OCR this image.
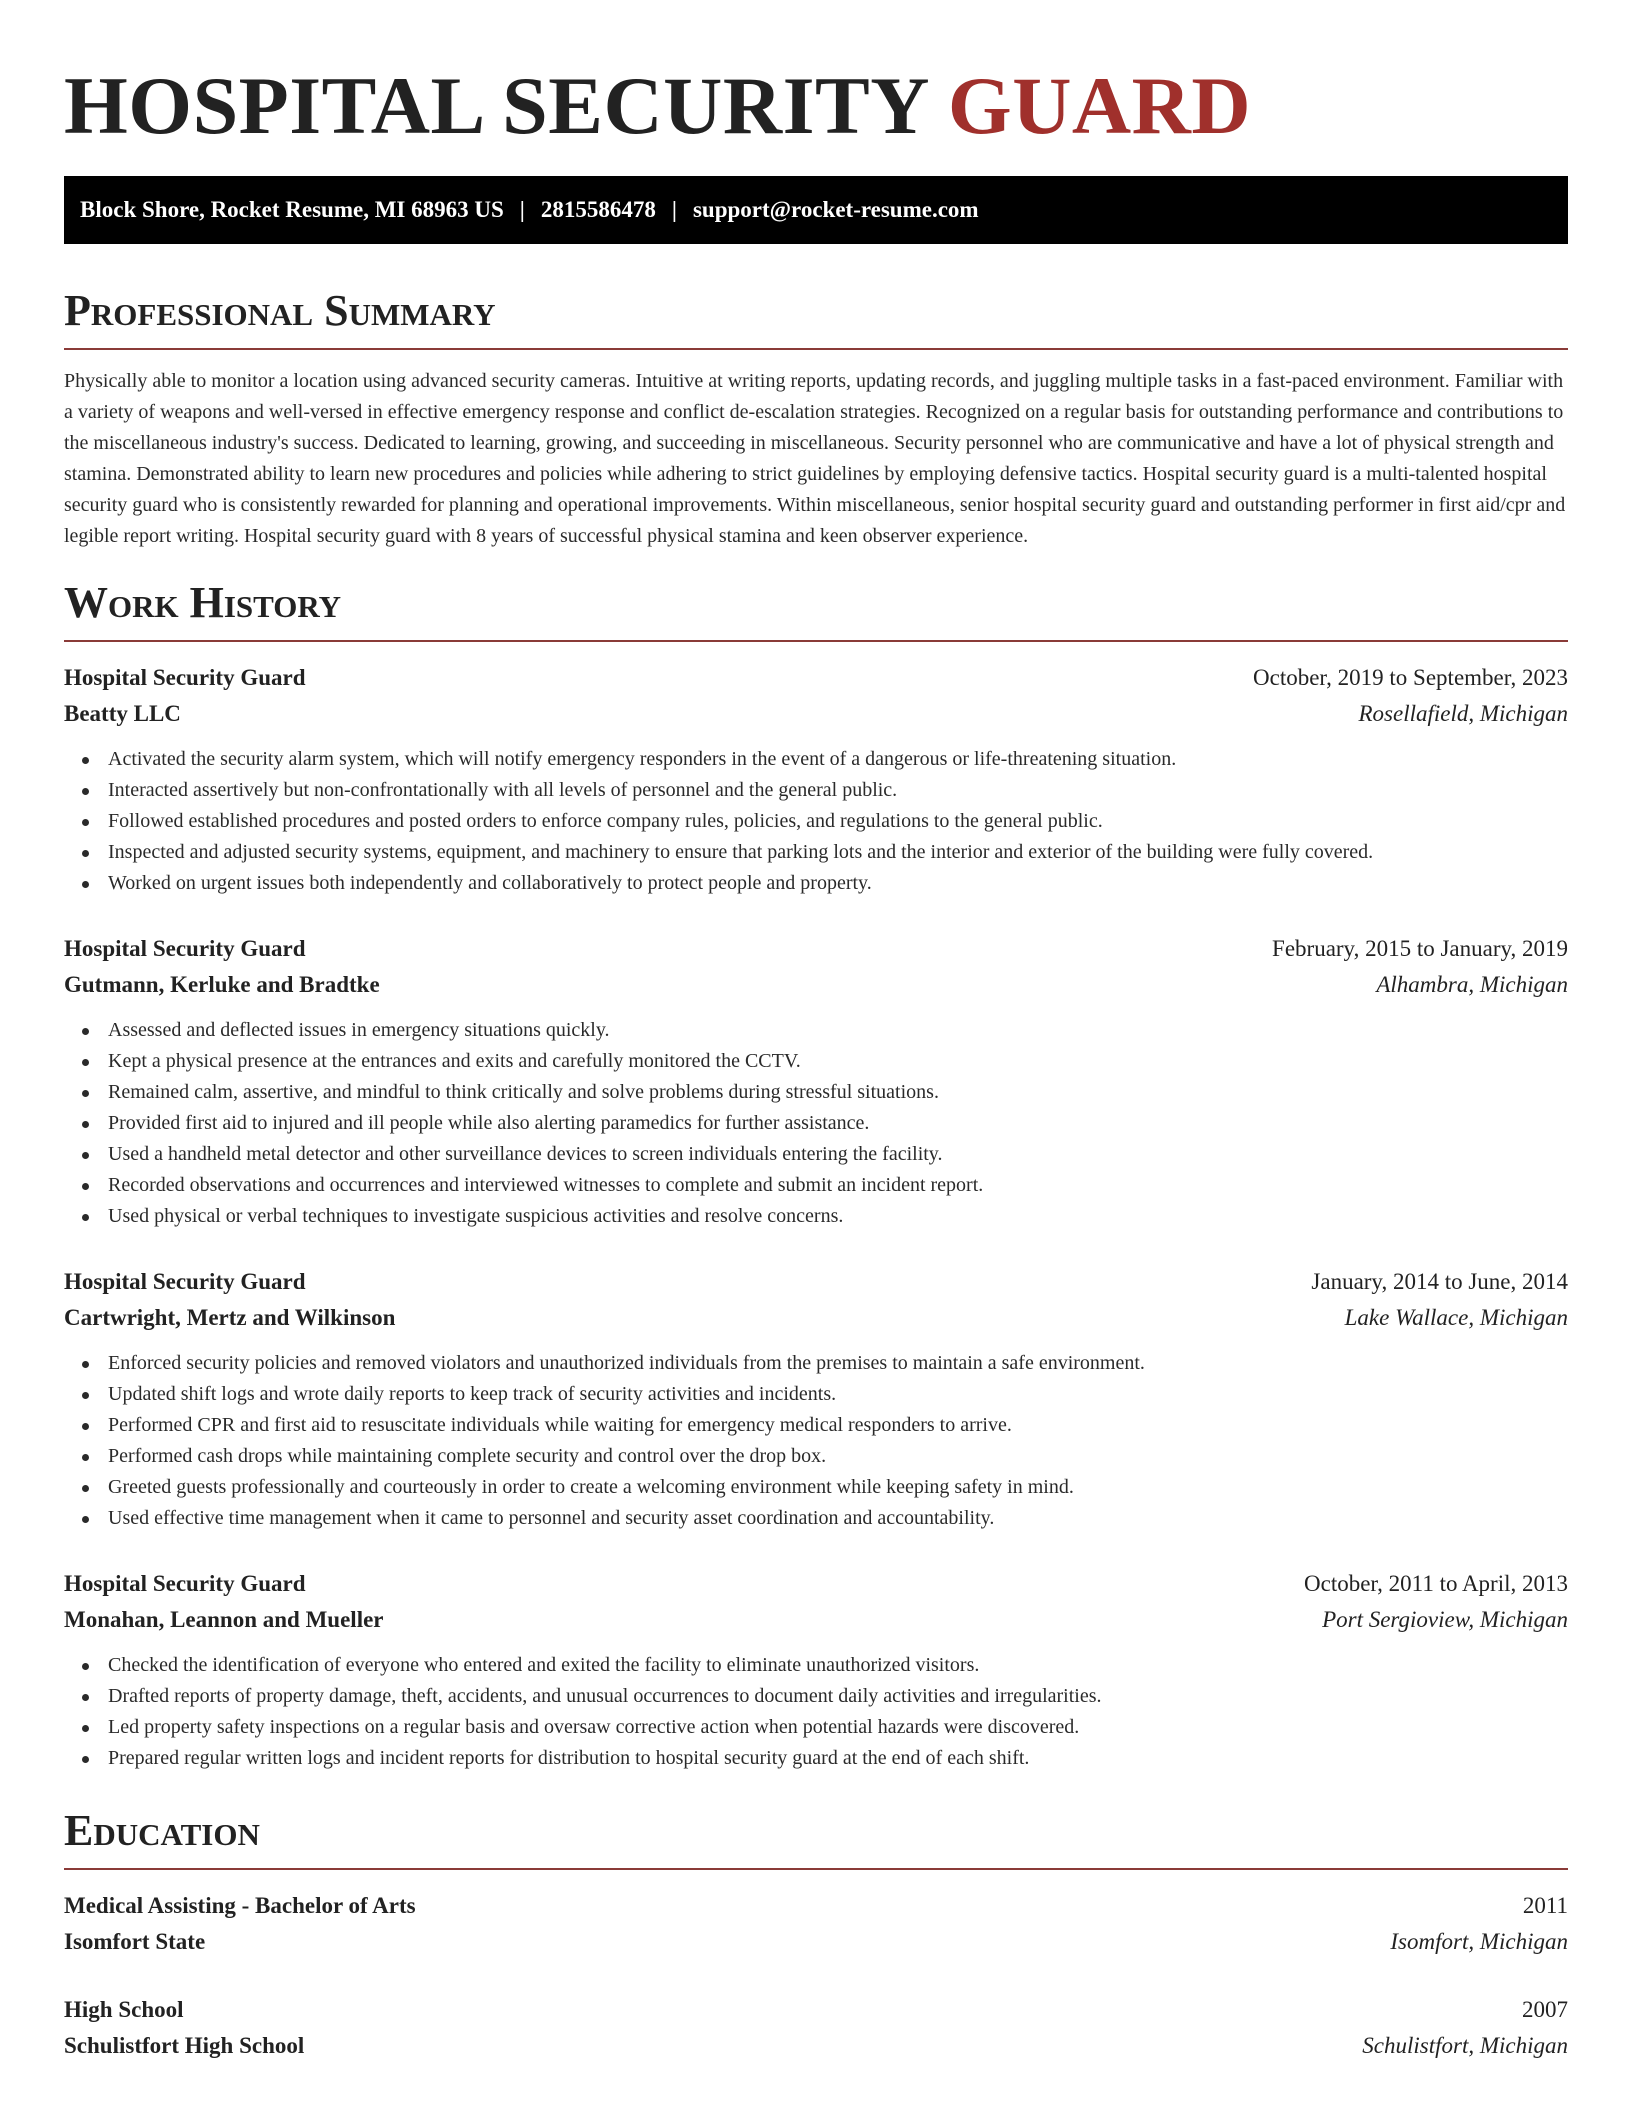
HOSPITAL SECURITY GUARD
Block Shore, Rocket Resume, MI 68963 US | 2815586478 | support@rocket-resume.com
Professional Summary

Physically able to monitor a location using advanced security cameras. Intuitive at writing reports, updating records, and juggling multiple tasks in a fast-paced environment. Familiar with a variety of weapons and well-versed in effective emergency response and conflict de-escalation strategies. Recognized on a regular basis for outstanding performance and contributions to the miscellaneous industry's success. Dedicated to learning, growing, and succeeding in miscellaneous. Security personnel who are communicative and have a lot of physical strength and stamina. Demonstrated ability to learn new procedures and policies while adhering to strict guidelines by employing defensive tactics. Hospital security guard is a multi-talented hospital security guard who is consistently rewarded for planning and operational improvements. Within miscellaneous, senior hospital security guard and outstanding performer in first aid/cpr and legible report writing. Hospital security guard with 8 years of successful physical stamina and keen observer experience.

Work History
Hospital Security Guard	October, 2019 to September, 2023
Beatty LLC	Rosellafield, Michigan
Activated the security alarm system, which will notify emergency responders in the event of a dangerous or life-threatening situation.
Interacted assertively but non-confrontationally with all levels of personnel and the general public.
Followed established procedures and posted orders to enforce company rules, policies, and regulations to the general public.
Inspected and adjusted security systems, equipment, and machinery to ensure that parking lots and the interior and exterior of the building were fully covered.
Worked on urgent issues both independently and collaboratively to protect people and property.
Hospital Security Guard	February, 2015 to January, 2019
Gutmann, Kerluke and Bradtke	Alhambra, Michigan
Assessed and deflected issues in emergency situations quickly.
Kept a physical presence at the entrances and exits and carefully monitored the CCTV.
Remained calm, assertive, and mindful to think critically and solve problems during stressful situations.
Provided first aid to injured and ill people while also alerting paramedics for further assistance.
Used a handheld metal detector and other surveillance devices to screen individuals entering the facility.
Recorded observations and occurrences and interviewed witnesses to complete and submit an incident report.
Used physical or verbal techniques to investigate suspicious activities and resolve concerns.
Hospital Security Guard	January, 2014 to June, 2014
Cartwright, Mertz and Wilkinson	Lake Wallace, Michigan
Enforced security policies and removed violators and unauthorized individuals from the premises to maintain a safe environment.
Updated shift logs and wrote daily reports to keep track of security activities and incidents.
Performed CPR and first aid to resuscitate individuals while waiting for emergency medical responders to arrive.
Performed cash drops while maintaining complete security and control over the drop box.
Greeted guests professionally and courteously in order to create a welcoming environment while keeping safety in mind.
Used effective time management when it came to personnel and security asset coordination and accountability.
Hospital Security Guard	October, 2011 to April, 2013
Monahan, Leannon and Mueller	Port Sergioview, Michigan
Checked the identification of everyone who entered and exited the facility to eliminate unauthorized visitors.
Drafted reports of property damage, theft, accidents, and unusual occurrences to document daily activities and irregularities.
Led property safety inspections on a regular basis and oversaw corrective action when potential hazards were discovered.
Prepared regular written logs and incident reports for distribution to hospital security guard at the end of each shift.
Education
Medical Assisting - Bachelor of Arts	2011
Isomfort State	Isomfort, Michigan
High School	2007
Schulistfort High School	Schulistfort, Michigan
